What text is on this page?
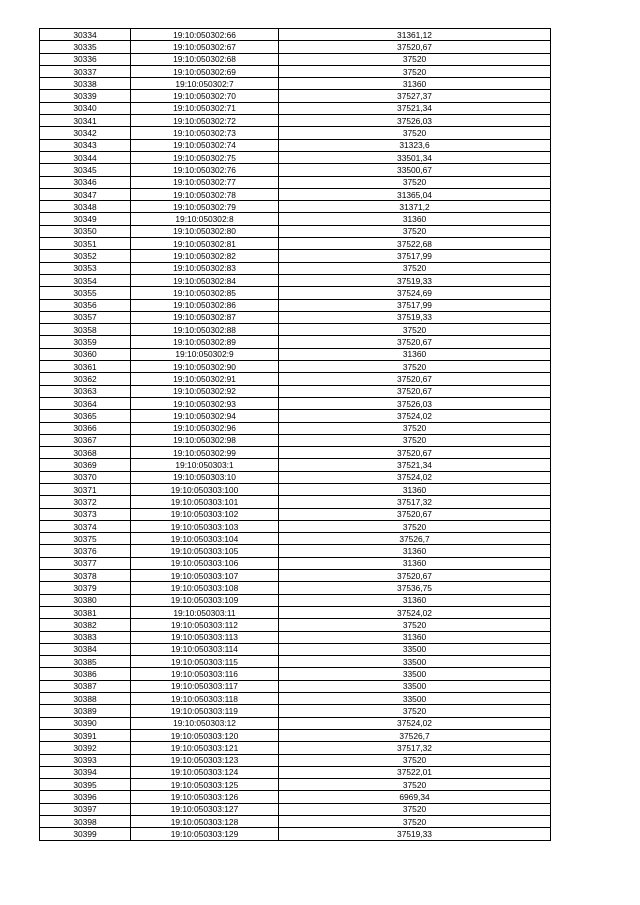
30334	19:10:050302:66	31361,12
30335	19:10:050302:67	37520,67
30336	19:10:050302:68	37520
30337	19:10:050302:69	37520
30338	19:10:050302:7	31360
30339	19:10:050302:70	37527,37
30340	19:10:050302:71	37521,34
30341	19:10:050302:72	37526,03
30342	19:10:050302:73	37520
30343	19:10:050302:74	31323,6
30344	19:10:050302:75	33501,34
30345	19:10:050302:76	33500,67
30346	19:10:050302:77	37520
30347	19:10:050302:78	31365,04
30348	19:10:050302:79	31371,2
30349	19:10:050302:8	31360
30350	19:10:050302:80	37520
30351	19:10:050302:81	37522,68
30352	19:10:050302:82	37517,99
30353	19:10:050302:83	37520
30354	19:10:050302:84	37519,33
30355	19:10:050302:85	37524,69
30356	19:10:050302:86	37517,99
30357	19:10:050302:87	37519,33
30358	19:10:050302:88	37520
30359	19:10:050302:89	37520,67
30360	19:10:050302:9	31360
30361	19:10:050302:90	37520
30362	19:10:050302:91	37520,67
30363	19:10:050302:92	37520,67
30364	19:10:050302:93	37526,03
30365	19:10:050302:94	37524,02
30366	19:10:050302:96	37520
30367	19:10:050302:98	37520
30368	19:10:050302:99	37520,67
30369	19:10:050303:1	37521,34
30370	19:10:050303:10	37524,02
30371	19:10:050303:100	31360
30372	19:10:050303:101	37517,32
30373	19:10:050303:102	37520,67
30374	19:10:050303:103	37520
30375	19:10:050303:104	37526,7
30376	19:10:050303:105	31360
30377	19:10:050303:106	31360
30378	19:10:050303:107	37520,67
30379	19:10:050303:108	37536,75
30380	19:10:050303:109	31360
30381	19:10:050303:11	37524,02
30382	19:10:050303:112	37520
30383	19:10:050303:113	31360
30384	19:10:050303:114	33500
30385	19:10:050303:115	33500
30386	19:10:050303:116	33500
30387	19:10:050303:117	33500
30388	19:10:050303:118	33500
30389	19:10:050303:119	37520
30390	19:10:050303:12	37524,02
30391	19:10:050303:120	37526,7
30392	19:10:050303:121	37517,32
30393	19:10:050303:123	37520
30394	19:10:050303:124	37522,01
30395	19:10:050303:125	37520
30396	19:10:050303:126	6969,34
30397	19:10:050303:127	37520
30398	19:10:050303:128	37520
30399	19:10:050303:129	37519,33
